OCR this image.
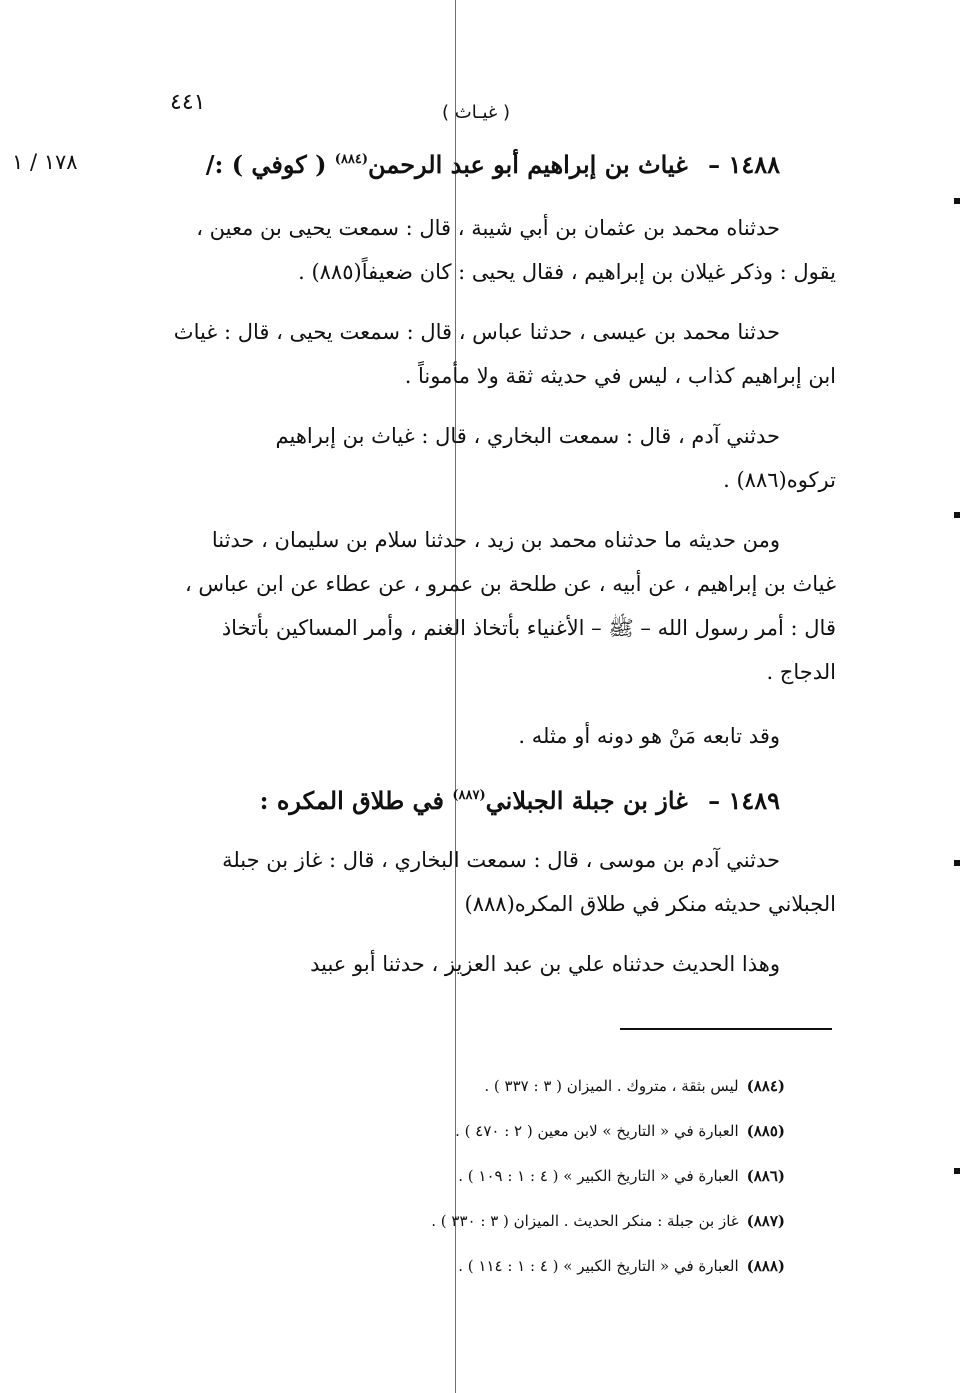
٤٤١	( غيـاث )
١٧٨ / ١	١٤٨٨ – غياث بن إبراهيم أبو عبد الرحمن$^{(٨٨٤)}$ ( كوفي ) :/
حدثناه محمد بن عثمان بن أبي شيبة ، قال : سمعت يحيى بن معين ،
يقول : وذكر غيلان بن إبراهيم ، فقال يحيى : كان ضعيفاً(٨٨٥) .
حدثنا محمد بن عيسى ، حدثنا عباس ، قال : سمعت يحيى ، قال : غياث
ابن إبراهيم كذاب ، ليس في حديثه ثقة ولا مأموناً .
حدثني آدم ، قال : سمعت البخاري ، قال : غياث بن إبراهيم
تركوه(٨٨٦) .
ومن حديثه ما حدثناه محمد بن زيد ، حدثنا سلام بن سليمان ، حدثنا
غياث بن إبراهيم ، عن أبيه ، عن طلحة بن عمرو ، عن عطاء عن ابن عباس ،
قال : أمر رسول الله – ﷺ – الأغنياء بأتخاذ الغنم ، وأمر المساكين بأتخاذ
الدجاج .
وقد تابعه مَنْ هو دونه أو مثله .
١٤٨٩ – غاز بن جبلة الجبلاني$^{(٨٨٧)}$ في طلاق المكره :
حدثني آدم بن موسى ، قال : سمعت البخاري ، قال : غاز بن جبلة
الجبلاني حديثه منكر في طلاق المكره(٨٨٨)
وهذا الحديث حدثناه علي بن عبد العزيز ، حدثنا أبو عبيد
(٨٨٤)ليس بثقة ، متروك . الميزان ( ٣ : ٣٣٧ ) .
(٨٨٥)العبارة في « التاريخ » لابن معين ( ٢ : ٤٧٠ ) .
(٨٨٦)العبارة في « التاريخ الكبير » ( ٤ : ١ : ١٠٩ ) .
(٨٨٧)غاز بن جبلة : منكر الحديث . الميزان ( ٣ : ٣٣٠ ) .
(٨٨٨)العبارة في « التاريخ الكبير » ( ٤ : ١ : ١١٤ ) .
